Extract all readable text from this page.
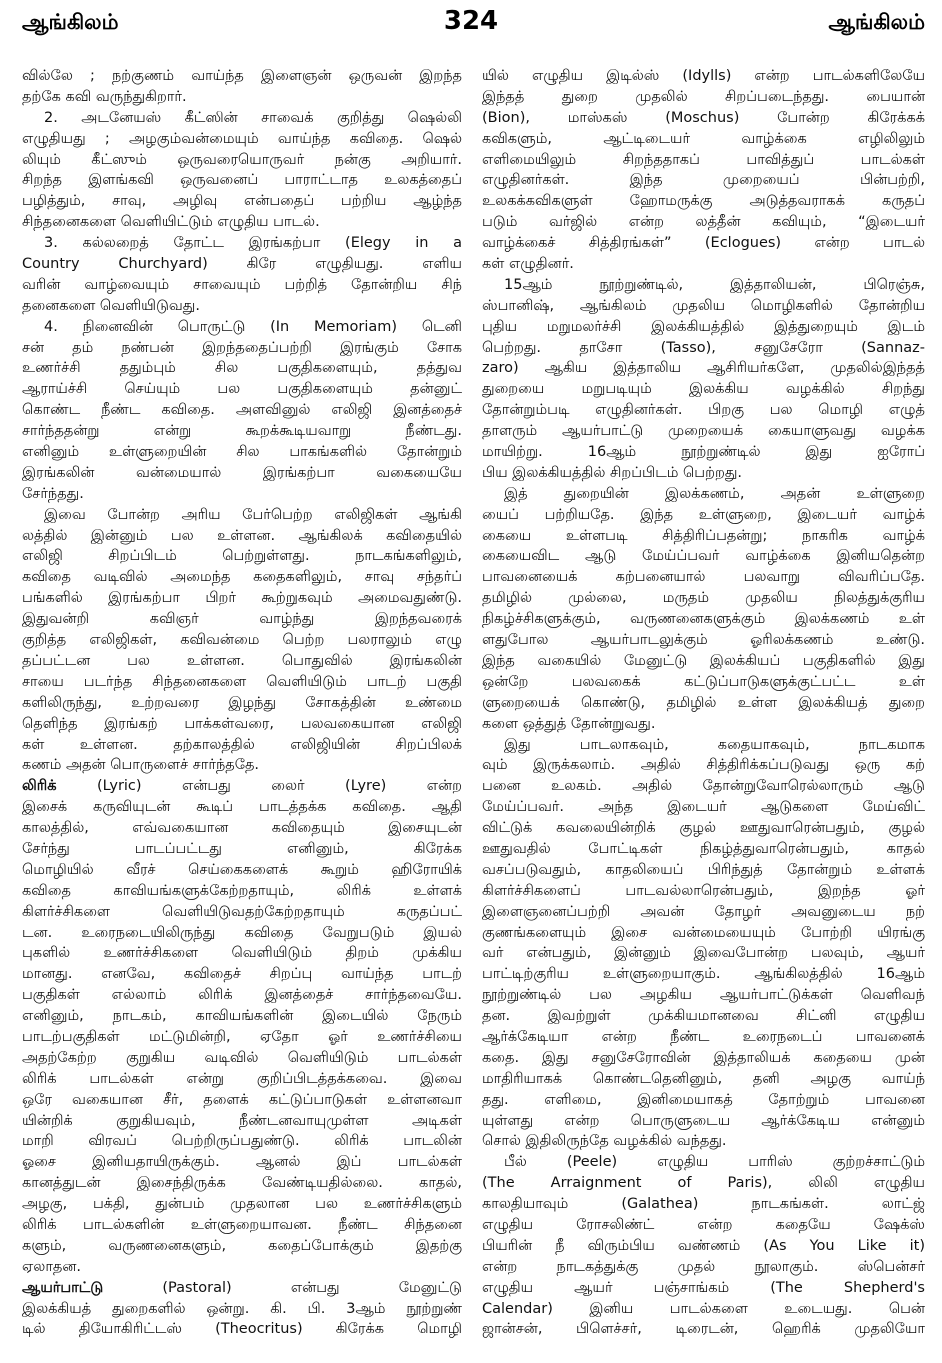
ஆங்கிலம்	324	ஆங்கிலம்
வில்லே ; நற்குணம் வாய்ந்த இளைஞன் ஒருவன் இறந்த
தற்கே கவி வருந்துகிறார்.
2. அடனேயஸ் கீட்ஸின் சாவைக் குறித்து ஷெல்லி
எழுதியது ; அழகும்வன்மையும் வாய்ந்த கவிதை. ஷெல்
லியும் கீட்ஸும் ஒருவரையொருவர் நன்கு அறியார்.
சிறந்த இளங்கவி ஒருவனைப் பாராட்டாத உலகத்தைப்
பழித்தும், சாவு, அழிவு என்பதைப் பற்றிய ஆழ்ந்த
சிந்தனைகளை வெளியிட்டும் எழுதிய பாடல்.
3. கல்லறைத் தோட்ட இரங்கற்பா (Elegy in a
Country Churchyard) கிரே எழுதியது. எளிய
வரின் வாழ்வையும் சாவையும் பற்றித் தோன்றிய சிந்
தனைகளை வெளியிடுவது.
4. நினைவின் பொருட்டு (In Memoriam) டெனி
சன் தம் நண்பன் இறந்ததைப்பற்றி இரங்கும் சோக
உணர்ச்சி ததும்பும் சில பகுதிகளையும், தத்துவ
ஆராய்ச்சி செய்யும் பல பகுதிகளையும் தன்னுட்
கொண்ட நீண்ட கவிதை. அளவினுல் எலிஜி இனத்தைச்
சார்ந்ததன்று என்று கூறக்கூடியவாறு நீண்டது.
எனினும் உள்ளுறையின் சில பாகங்களில் தோன்றும்
இரங்கலின் வன்மையால் இரங்கற்பா வகையையே
சேர்ந்தது.
இவை போன்ற அரிய பேர்பெற்ற எலிஜிகள் ஆங்கி
லத்தில் இன்னும் பல உள்ளன. ஆங்கிலக் கவிதையில்
எலிஜி சிறப்பிடம் பெற்றுள்ளது. நாடகங்களிலும்,
கவிதை வடிவில் அமைந்த கதைகளிலும், சாவு சந்தர்ப்
பங்களில் இரங்கற்பா பிறர் கூற்றுகவும் அமைவதுண்டு.
இதுவன்றி கவிஞர் வாழ்ந்து இறந்தவரைக்
குறித்த எலிஜிகள், கவிவன்மை பெற்ற பலராலும் எழு
தப்பட்டன பல உள்ளன. பொதுவில் இரங்கலின்
சாயை படர்ந்த சிந்தனைகளை வெளியிடும் பாடற் பகுதி
களிலிருந்து, உற்றவரை இழந்து சோகத்தின் உண்மை
தெளிந்த இரங்கற் பாக்கள்வரை, பலவகையான எலிஜி
கள் உள்ளன. தற்காலத்தில் எலிஜியின் சிறப்பிலக்
கணம் அதன் பொருளைச் சார்ந்ததே.
லிரிக் (Lyric) என்பது லைர் (Lyre) என்ற
இசைக் கருவியுடன் கூடிப் பாடத்தக்க கவிதை. ஆதி
காலத்தில், எவ்வகையான கவிதையும் இசையுடன்
சேர்ந்து பாடப்பட்டது எனினும், கிரேக்க
மொழியில் வீரச் செய்கைகளைக் கூறும் ஹிரோயிக்
கவிதை காவியங்களுக்கேற்றதாயும், லிரிக் உள்ளக்
கிளர்ச்சிகளை வெளியிடுவதற்கேற்றதாயும் கருதப்பட்
டன. உரைநடையிலிருந்து கவிதை வேறுபடும் இயல்
புகளில் உணர்ச்சிகளை வெளியிடும் திறம் முக்கிய
மானது. எனவே, கவிதைச் சிறப்பு வாய்ந்த பாடற்
பகுதிகள் எல்லாம் லிரிக் இனத்தைச் சார்ந்தவையே.
எனினும், நாடகம், காவியங்களின் இடையில் நேரும்
பாடற்பகுதிகள் மட்டுமின்றி, ஏதோ ஓர் உணர்ச்சியை
அதற்கேற்ற குறுகிய வடிவில் வெளியிடும் பாடல்கள்
லிரிக் பாடல்கள் என்று குறிப்பிடத்தக்கவை. இவை
ஒரே வகையான சீர், தளைக் கட்டுப்பாடுகள் உள்ளனவா
யின்றிக் குறுகியவும், நீண்டனவாயுமுள்ள அடிகள்
மாறி விரவப் பெற்றிருப்பதுண்டு. லிரிக் பாடலின்
ஓசை இனியதாயிருக்கும். ஆனல் இப் பாடல்கள்
கானத்துடன் இசைந்திருக்க வேண்டியதில்லை. காதல்,
அழகு, பக்தி, துன்பம் முதலான பல உணர்ச்சிகளும்
லிரிக் பாடல்களின் உள்ளுறையாவன. நீண்ட சிந்தனை
களும், வருணனைகளும், கதைப்போக்கும் இதற்கு
ஏலாதன.
ஆயர்பாட்டு (Pastoral) என்பது மேனுட்டு
இலக்கியத் துறைகளில் ஒன்று. கி. பி. 3ஆம் நூற்றுண்
டில் தியோகிரிட்டஸ் (Theocritus) கிரேக்க மொழி
யில் எழுதிய இடில்ஸ் (Idylls) என்ற பாடல்களிலேயே
இந்தத் துறை முதலில் சிறப்படைந்தது. பையான்
(Bion), மாஸ்கஸ் (Moschus) போன்ற கிரேக்கக்
கவிகளும், ஆட்டிடையர் வாழ்க்கை எழிலிலும்
எளிமையிலும் சிறந்ததாகப் பாவித்துப் பாடல்கள்
எழுதினர்கள். இந்த முறையைப் பின்பற்றி,
உலகக்கவிகளுள் ஹோமருக்கு அடுத்தவராகக் கருதப்
படும் வர்ஜில் என்ற லத்தீன் கவியும், “இடையர்
வாழ்க்கைச் சித்திரங்கள்” (Eclogues) என்ற பாடல்
கள் எழுதினர்.
15ஆம் நூற்றுண்டில், இத்தாலியன், பிரெஞ்சு,
ஸ்பானிஷ், ஆங்கிலம் முதலிய மொழிகளில் தோன்றிய
புதிய மறுமலர்ச்சி இலக்கியத்தில் இத்துறையும் இடம்
பெற்றது. தாசோ (Tasso), சனுசேரோ (Sannaz-
zaro) ஆகிய இத்தாலிய ஆசிரியர்களே, முதலில்இந்தத்
துறையை மறுபடியும் இலக்கிய வழக்கில் சிறந்து
தோன்றும்படி எழுதினர்கள். பிறகு பல மொழி எழுத்
தாளரும் ஆயர்பாட்டு முறையைக் கையாளுவது வழக்க
மாயிற்று. 16ஆம் நூற்றுண்டில் இது ஐரோப்
பிய இலக்கியத்தில் சிறப்பிடம் பெற்றது.
இத் துறையின் இலக்கணம், அதன் உள்ளுறை
யைப் பற்றியதே. இந்த உள்ளுறை, இடையர் வாழ்க்
கையை உள்ளபடி சித்திரிப்பதன்று; நாகரிக வாழ்க்
கையைவிட ஆடு மேய்ப்பவர் வாழ்க்கை இனியதென்ற
பாவனையைக் கற்பனையால் பலவாறு விவரிப்பதே.
தமிழில் முல்லை, மருதம் முதலிய நிலத்துக்குரிய
நிகழ்ச்சிகளுக்கும், வருணனைகளுக்கும் இலக்கணம் உள்
ளதுபோல ஆயர்பாடலுக்கும் ஓரிலக்கணம் உண்டு.
இந்த வகையில் மேனுட்டு இலக்கியப் பகுதிகளில் இது
ஒன்றே பலவகைக் கட்டுப்பாடுகளுக்குட்பட்ட உள்
ளுறையைக் கொண்டு, தமிழில் உள்ள இலக்கியத் துறை
களை ஒத்துத் தோன்றுவது.
இது பாடலாகவும், கதையாகவும், நாடகமாக
வும் இருக்கலாம். அதில் சித்திரிக்கப்படுவது ஒரு கற்
பனை உலகம். அதில் தோன்றுவோரெல்லாரும் ஆடு
மேய்ப்பவர். அந்த இடையர் ஆடுகளை மேய்விட்
விட்டுக் கவலையின்றிக் குழல் ஊதுவாரென்பதும், குழல்
ஊதுவதில் போட்டிகள் நிகழ்த்துவாரென்பதும், காதல்
வசப்படுவதும், காதலியைப் பிரிந்துத் தோன்றும் உள்ளக்
கிளர்ச்சிகளைப் பாடவல்லாரென்பதும், இறந்த ஓர்
இளைஞனைப்பற்றி அவன் தோழர் அவனுடைய நற்
குணங்களையும் இசை வன்மையையும் போற்றி யிரங்கு
வர் என்பதும், இன்னும் இவைபோன்ற பலவும், ஆயர்
பாட்டிற்குரிய உள்ளுறையாகும். ஆங்கிலத்தில் 16ஆம்
நூற்றுண்டில் பல அழகிய ஆயர்பாட்டுக்கள் வெளிவந்
தன. இவற்றுள் முக்கியமானவை சிட்னி எழுதிய
ஆர்க்கேடியா என்ற நீண்ட உரைநடைப் பாவனைக்
கதை. இது சனுசேரோவின் இத்தாலியக் கதையை முன்
மாதிரியாகக் கொண்டதெனினும், தனி அழகு வாய்ந்
தது. எளிமை, இனிமையாகத் தோற்றும் பாவனை
யுள்ளது என்ற பொருளுடைய ஆர்க்கேடிய என்னும்
சொல் இதிலிருந்தே வழக்கில் வந்தது.
பீல் (Peele) எழுதிய பாரிஸ் குற்றச்சாட்டும்
(The Arraignment of Paris), லிலி எழுதிய
காலதியாவும் (Galathea) நாடகங்கள். லாட்ஜ்
எழுதிய ரோசலிண்ட் என்ற கதையே ஷேக்ஸ்
பியரின் நீ விரும்பிய வண்ணம் (As You Like it)
என்ற நாடகத்துக்கு முதல் நூலாகும். ஸ்பென்சர்
எழுதிய ஆயர் பஞ்சாங்கம் (The Shepherd's
Calendar) இனிய பாடல்களை உடையது. பென்
ஜான்சன், பிளெச்சர், டிரைடன், ஹெரிக் முதலியோ
